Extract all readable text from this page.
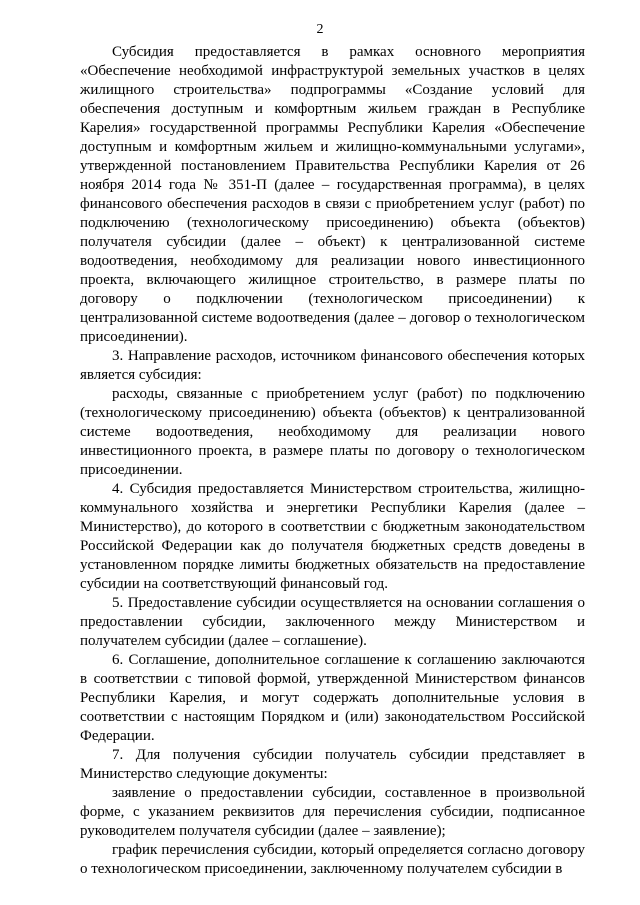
2

Субсидия предоставляется в рамках основного мероприятия «Обеспечение необходимой инфраструктурой земельных участков в целях жилищного строительства» подпрограммы «Создание условий для обеспечения доступным и комфортным жильем граждан в Республике Карелия» государственной программы Республики Карелия «Обеспечение доступным и комфортным жильем и жилищно-коммунальными услугами», утвержденной постановлением Правительства Республики Карелия от 26 ноября 2014 года № 351-П (далее – государственная программа), в целях финансового обеспечения расходов в связи с приобретением услуг (работ) по подключению (технологическому присоединению) объекта (объектов) получателя субсидии (далее – объект) к централизованной системе водоотведения, необходимому для реализации нового инвестиционного проекта, включающего жилищное строительство, в размере платы по договору о подключении (технологическом присоединении) к централизованной системе водоотведения (далее – договор о технологическом присоединении).

3. Направление расходов, источником финансового обеспечения которых является субсидия:

расходы, связанные с приобретением услуг (работ) по подключению (технологическому присоединению) объекта (объектов) к централизованной системе водоотведения, необходимому для реализации нового инвестиционного проекта, в размере платы по договору о технологическом присоединении.

4. Субсидия предоставляется Министерством строительства, жилищно-коммунального хозяйства и энергетики Республики Карелия (далее – Министерство), до которого в соответствии с бюджетным законодательством Российской Федерации как до получателя бюджетных средств доведены в установленном порядке лимиты бюджетных обязательств на предоставление субсидии на соответствующий финансовый год.

5. Предоставление субсидии осуществляется на основании соглашения о предоставлении субсидии, заключенного между Министерством и получателем субсидии (далее – соглашение).

6. Соглашение, дополнительное соглашение к соглашению заключаются в соответствии с типовой формой, утвержденной Министерством финансов Республики Карелия, и могут содержать дополнительные условия в соответствии с настоящим Порядком и (или) законодательством Российской Федерации.

7. Для получения субсидии получатель субсидии представляет в Министерство следующие документы:

заявление о предоставлении субсидии, составленное в произвольной форме, с указанием реквизитов для перечисления субсидии, подписанное руководителем получателя субсидии (далее – заявление);

график перечисления субсидии, который определяется согласно договору о технологическом присоединении, заключенному получателем субсидии в
